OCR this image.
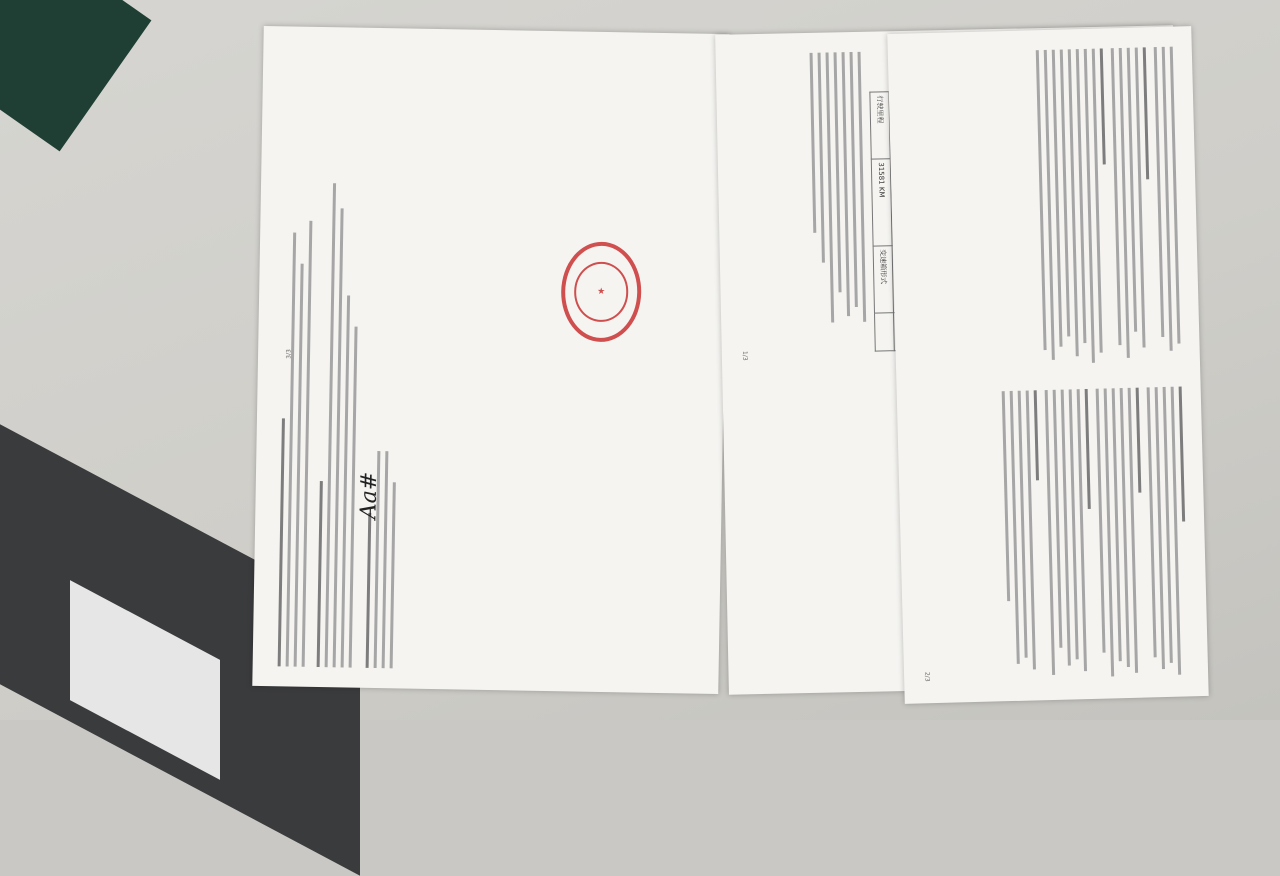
Aa#
★
3/3

行驶里程	31581 KM	变速箱形式	
1/3
2/3
